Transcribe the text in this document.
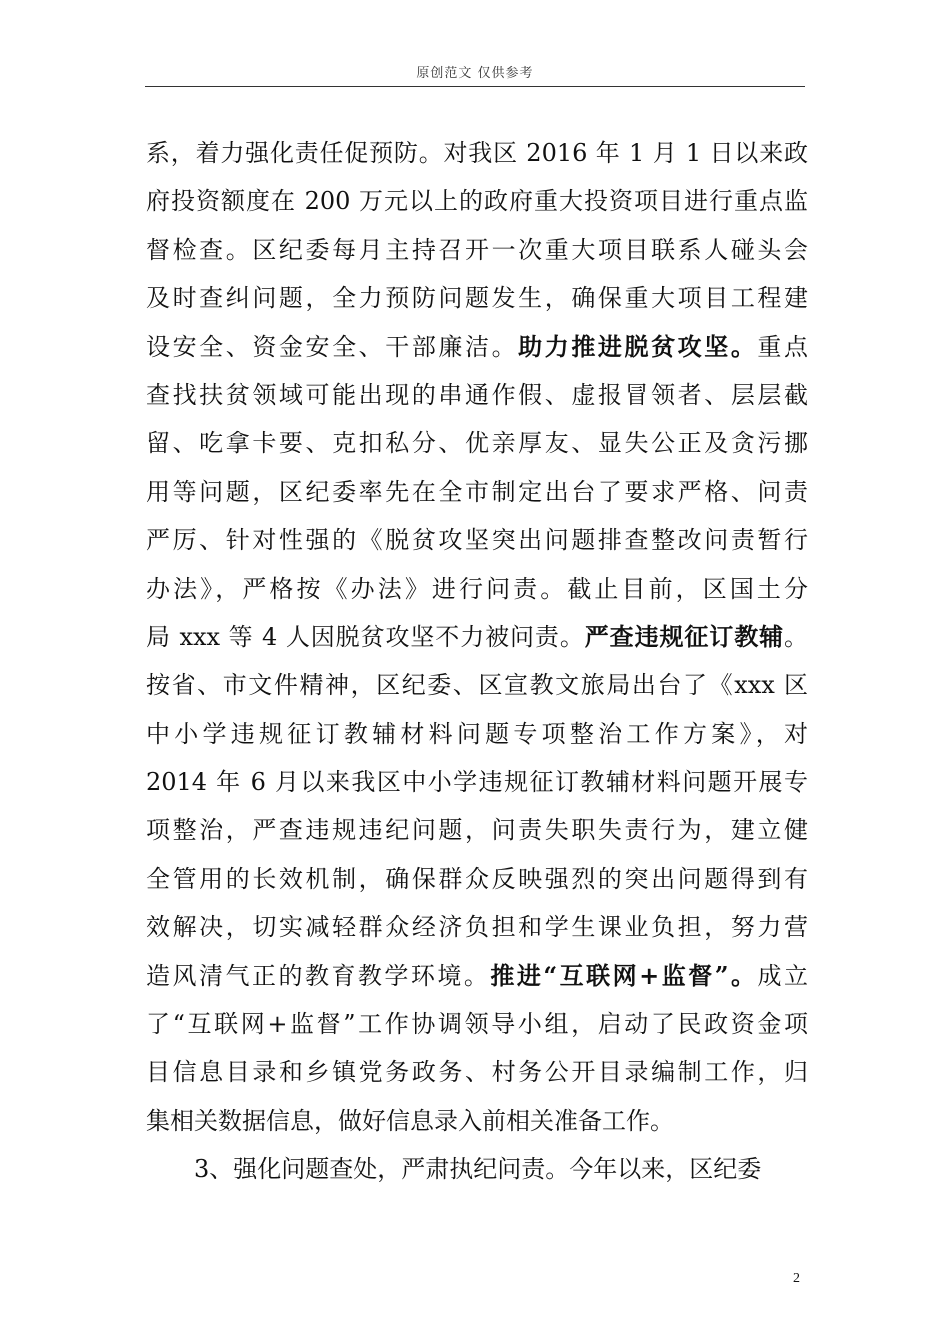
原创范文 仅供参考
系，着力强化责任促预防。对我区 2016 年 1 月 1 日以来政
府投资额度在 200 万元以上的政府重大投资项目进行重点监
督检查。区纪委每月主持召开一次重大项目联系人碰头会
及时查纠问题，全力预防问题发生，确保重大项目工程建
设安全、资金安全、干部廉洁。助力推进脱贫攻坚。重点
查找扶贫领域可能出现的串通作假、虚报冒领者、层层截
留、吃拿卡要、克扣私分、优亲厚友、显失公正及贪污挪
用等问题，区纪委率先在全市制定出台了要求严格、问责
严厉、针对性强的《脱贫攻坚突出问题排查整改问责暂行
办法》，严格按《办法》进行问责。截止目前，区国土分
局 xxx 等 4 人因脱贫攻坚不力被问责。严查违规征订教辅。
按省、市文件精神，区纪委、区宣教文旅局出台了《xxx 区
中小学违规征订教辅材料问题专项整治工作方案》，对
2014 年 6 月以来我区中小学违规征订教辅材料问题开展专
项整治，严查违规违纪问题，问责失职失责行为，建立健
全管用的长效机制，确保群众反映强烈的突出问题得到有
效解决，切实减轻群众经济负担和学生课业负担，努力营
造风清气正的教育教学环境。推进“互联网+监督”。成立
了“互联网+监督”工作协调领导小组，启动了民政资金项
目信息目录和乡镇党务政务、村务公开目录编制工作，归
集相关数据信息，做好信息录入前相关准备工作。
3、强化问题查处，严肃执纪问责。今年以来，区纪委
2
